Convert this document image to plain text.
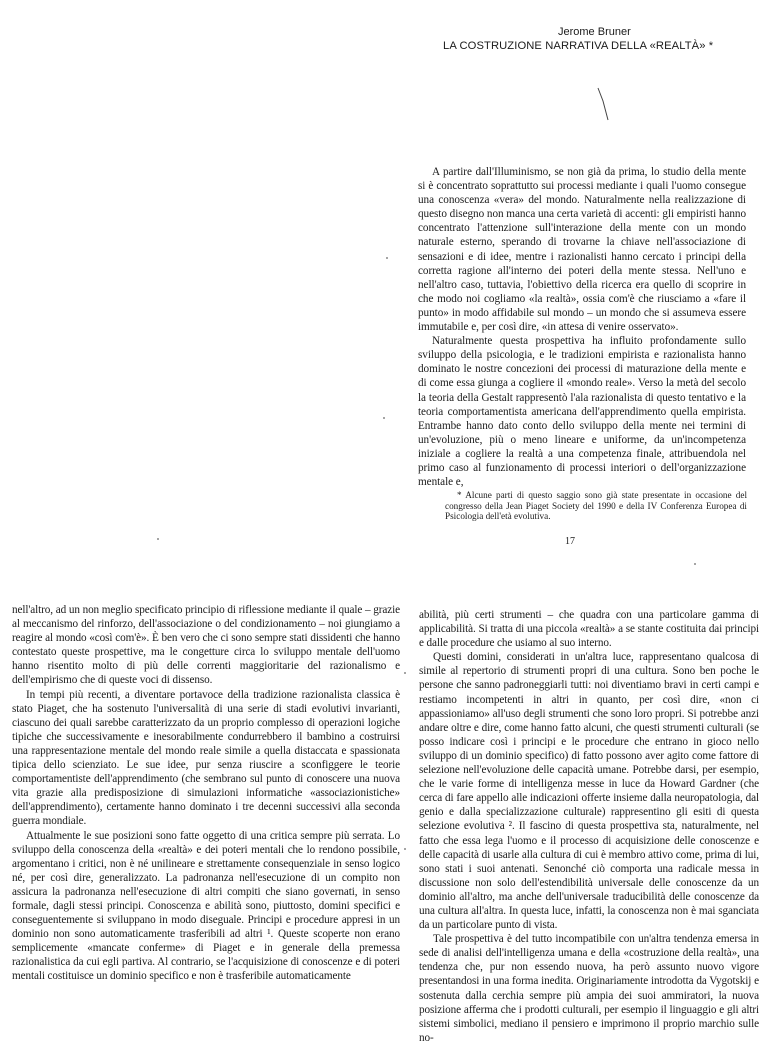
Jerome Bruner
LA COSTRUZIONE NARRATIVA DELLA «REALTÀ» *

A partire dall'Illuminismo, se non già da prima, lo studio della mente si è concentrato soprattutto sui processi mediante i quali l'uomo consegue una conoscenza «vera» del mondo. Naturalmente nella realizzazione di questo disegno non manca una certa varietà di accenti: gli empiristi hanno concentrato l'attenzione sull'interazione della mente con un mondo naturale esterno, sperando di trovarne la chiave nell'associazione di sensazioni e di idee, mentre i razionalisti hanno cercato i principi della corretta ragione all'interno dei poteri della mente stessa. Nell'uno e nell'altro caso, tuttavia, l'obiettivo della ricerca era quello di scoprire in che modo noi cogliamo «la realtà», ossia com'è che riusciamo a «fare il punto» in modo affidabile sul mondo – un mondo che si assumeva essere immutabile e, per così dire, «in attesa di venire osservato».

Naturalmente questa prospettiva ha influito profondamente sullo sviluppo della psicologia, e le tradizioni empirista e razionalista hanno dominato le nostre concezioni dei processi di maturazione della mente e di come essa giunga a cogliere il «mondo reale». Verso la metà del secolo la teoria della Gestalt rappresentò l'ala razionalista di questo tentativo e la teoria comportamentista americana dell'apprendimento quella empirista. Entrambe hanno dato conto dello sviluppo della mente nei termini di un'evoluzione, più o meno lineare e uniforme, da un'incompetenza iniziale a cogliere la realtà a una competenza finale, attribuendola nel primo caso al funzionamento di processi interiori o dell'organizzazione mentale e,

* Alcune parti di questo saggio sono già state presentate in occasione del congresso della Jean Piaget Society del 1990 e della IV Conferenza Europea di Psicologia dell'età evolutiva.
17

nell'altro, ad un non meglio specificato principio di riflessione mediante il quale – grazie al meccanismo del rinforzo, dell'associazione o del condizionamento – noi giungiamo a reagire al mondo «così com'è». È ben vero che ci sono sempre stati dissidenti che hanno contestato queste prospettive, ma le congetture circa lo sviluppo mentale dell'uomo hanno risentito molto di più delle correnti maggioritarie del razionalismo e dell'empirismo che di queste voci di dissenso.

In tempi più recenti, a diventare portavoce della tradizione razionalista classica è stato Piaget, che ha sostenuto l'universalità di una serie di stadi evolutivi invarianti, ciascuno dei quali sarebbe caratterizzato da un proprio complesso di operazioni logiche tipiche che successivamente e inesorabilmente condurrebbero il bambino a costruirsi una rappresentazione mentale del mondo reale simile a quella distaccata e spassionata tipica dello scienziato. Le sue idee, pur senza riuscire a sconfiggere le teorie comportamentiste dell'apprendimento (che sembrano sul punto di conoscere una nuova vita grazie alla predisposizione di simulazioni informatiche «associazionistiche» dell'apprendimento), certamente hanno dominato i tre decenni successivi alla seconda guerra mondiale.

Attualmente le sue posizioni sono fatte oggetto di una critica sempre più serrata. Lo sviluppo della conoscenza della «realtà» e dei poteri mentali che lo rendono possibile, argomentano i critici, non è né unilineare e strettamente consequenziale in senso logico né, per così dire, generalizzato. La padronanza nell'esecuzione di un compito non assicura la padronanza nell'esecuzione di altri compiti che siano governati, in senso formale, dagli stessi principi. Conoscenza e abilità sono, piuttosto, domini specifici e conseguentemente si sviluppano in modo diseguale. Principi e procedure appresi in un dominio non sono automaticamente trasferibili ad altri ¹. Queste scoperte non erano semplicemente «mancate conferme» di Piaget e in generale della premessa razionalistica da cui egli partiva. Al contrario, se l'acquisizione di conoscenze e di poteri mentali costituisce un dominio specifico e non è trasferibile automaticamente

abilità, più certi strumenti – che quadra con una particolare gamma di applicabilità. Si tratta di una piccola «realtà» a se stante costituita dai principi e dalle procedure che usiamo al suo interno.

Questi domini, considerati in un'altra luce, rappresentano qualcosa di simile al repertorio di strumenti propri di una cultura. Sono ben poche le persone che sanno padroneggiarli tutti: noi diventiamo bravi in certi campi e restiamo incompetenti in altri in quanto, per così dire, «non ci appassioniamo» all'uso degli strumenti che sono loro propri. Si potrebbe anzi andare oltre e dire, come hanno fatto alcuni, che questi strumenti culturali (se posso indicare così i principi e le procedure che entrano in gioco nello sviluppo di un dominio specifico) di fatto possono aver agito come fattore di selezione nell'evoluzione delle capacità umane. Potrebbe darsi, per esempio, che le varie forme di intelligenza messe in luce da Howard Gardner (che cerca di fare appello alle indicazioni offerte insieme dalla neuropatologia, dal genio e dalla specializzazione culturale) rappresentino gli esiti di questa selezione evolutiva ². Il fascino di questa prospettiva sta, naturalmente, nel fatto che essa lega l'uomo e il processo di acquisizione delle conoscenze e delle capacità di usarle alla cultura di cui è membro attivo come, prima di lui, sono stati i suoi antenati. Senonché ciò comporta una radicale messa in discussione non solo dell'estendibilità universale delle conoscenze da un dominio all'altro, ma anche dell'universale traducibilità delle conoscenze da una cultura all'altra. In questa luce, infatti, la conoscenza non è mai sganciata da un particolare punto di vista.

Tale prospettiva è del tutto incompatibile con un'altra tendenza emersa in sede di analisi dell'intelligenza umana e della «costruzione della realtà», una tendenza che, pur non essendo nuova, ha però assunto nuovo vigore presentandosi in una forma inedita. Originariamente introdotta da Vygotskij e sostenuta dalla cerchia sempre più ampia dei suoi ammiratori, la nuova posizione afferma che i prodotti culturali, per esempio il linguaggio e gli altri sistemi simbolici, mediano il pensiero e imprimono il proprio marchio sulle no-
